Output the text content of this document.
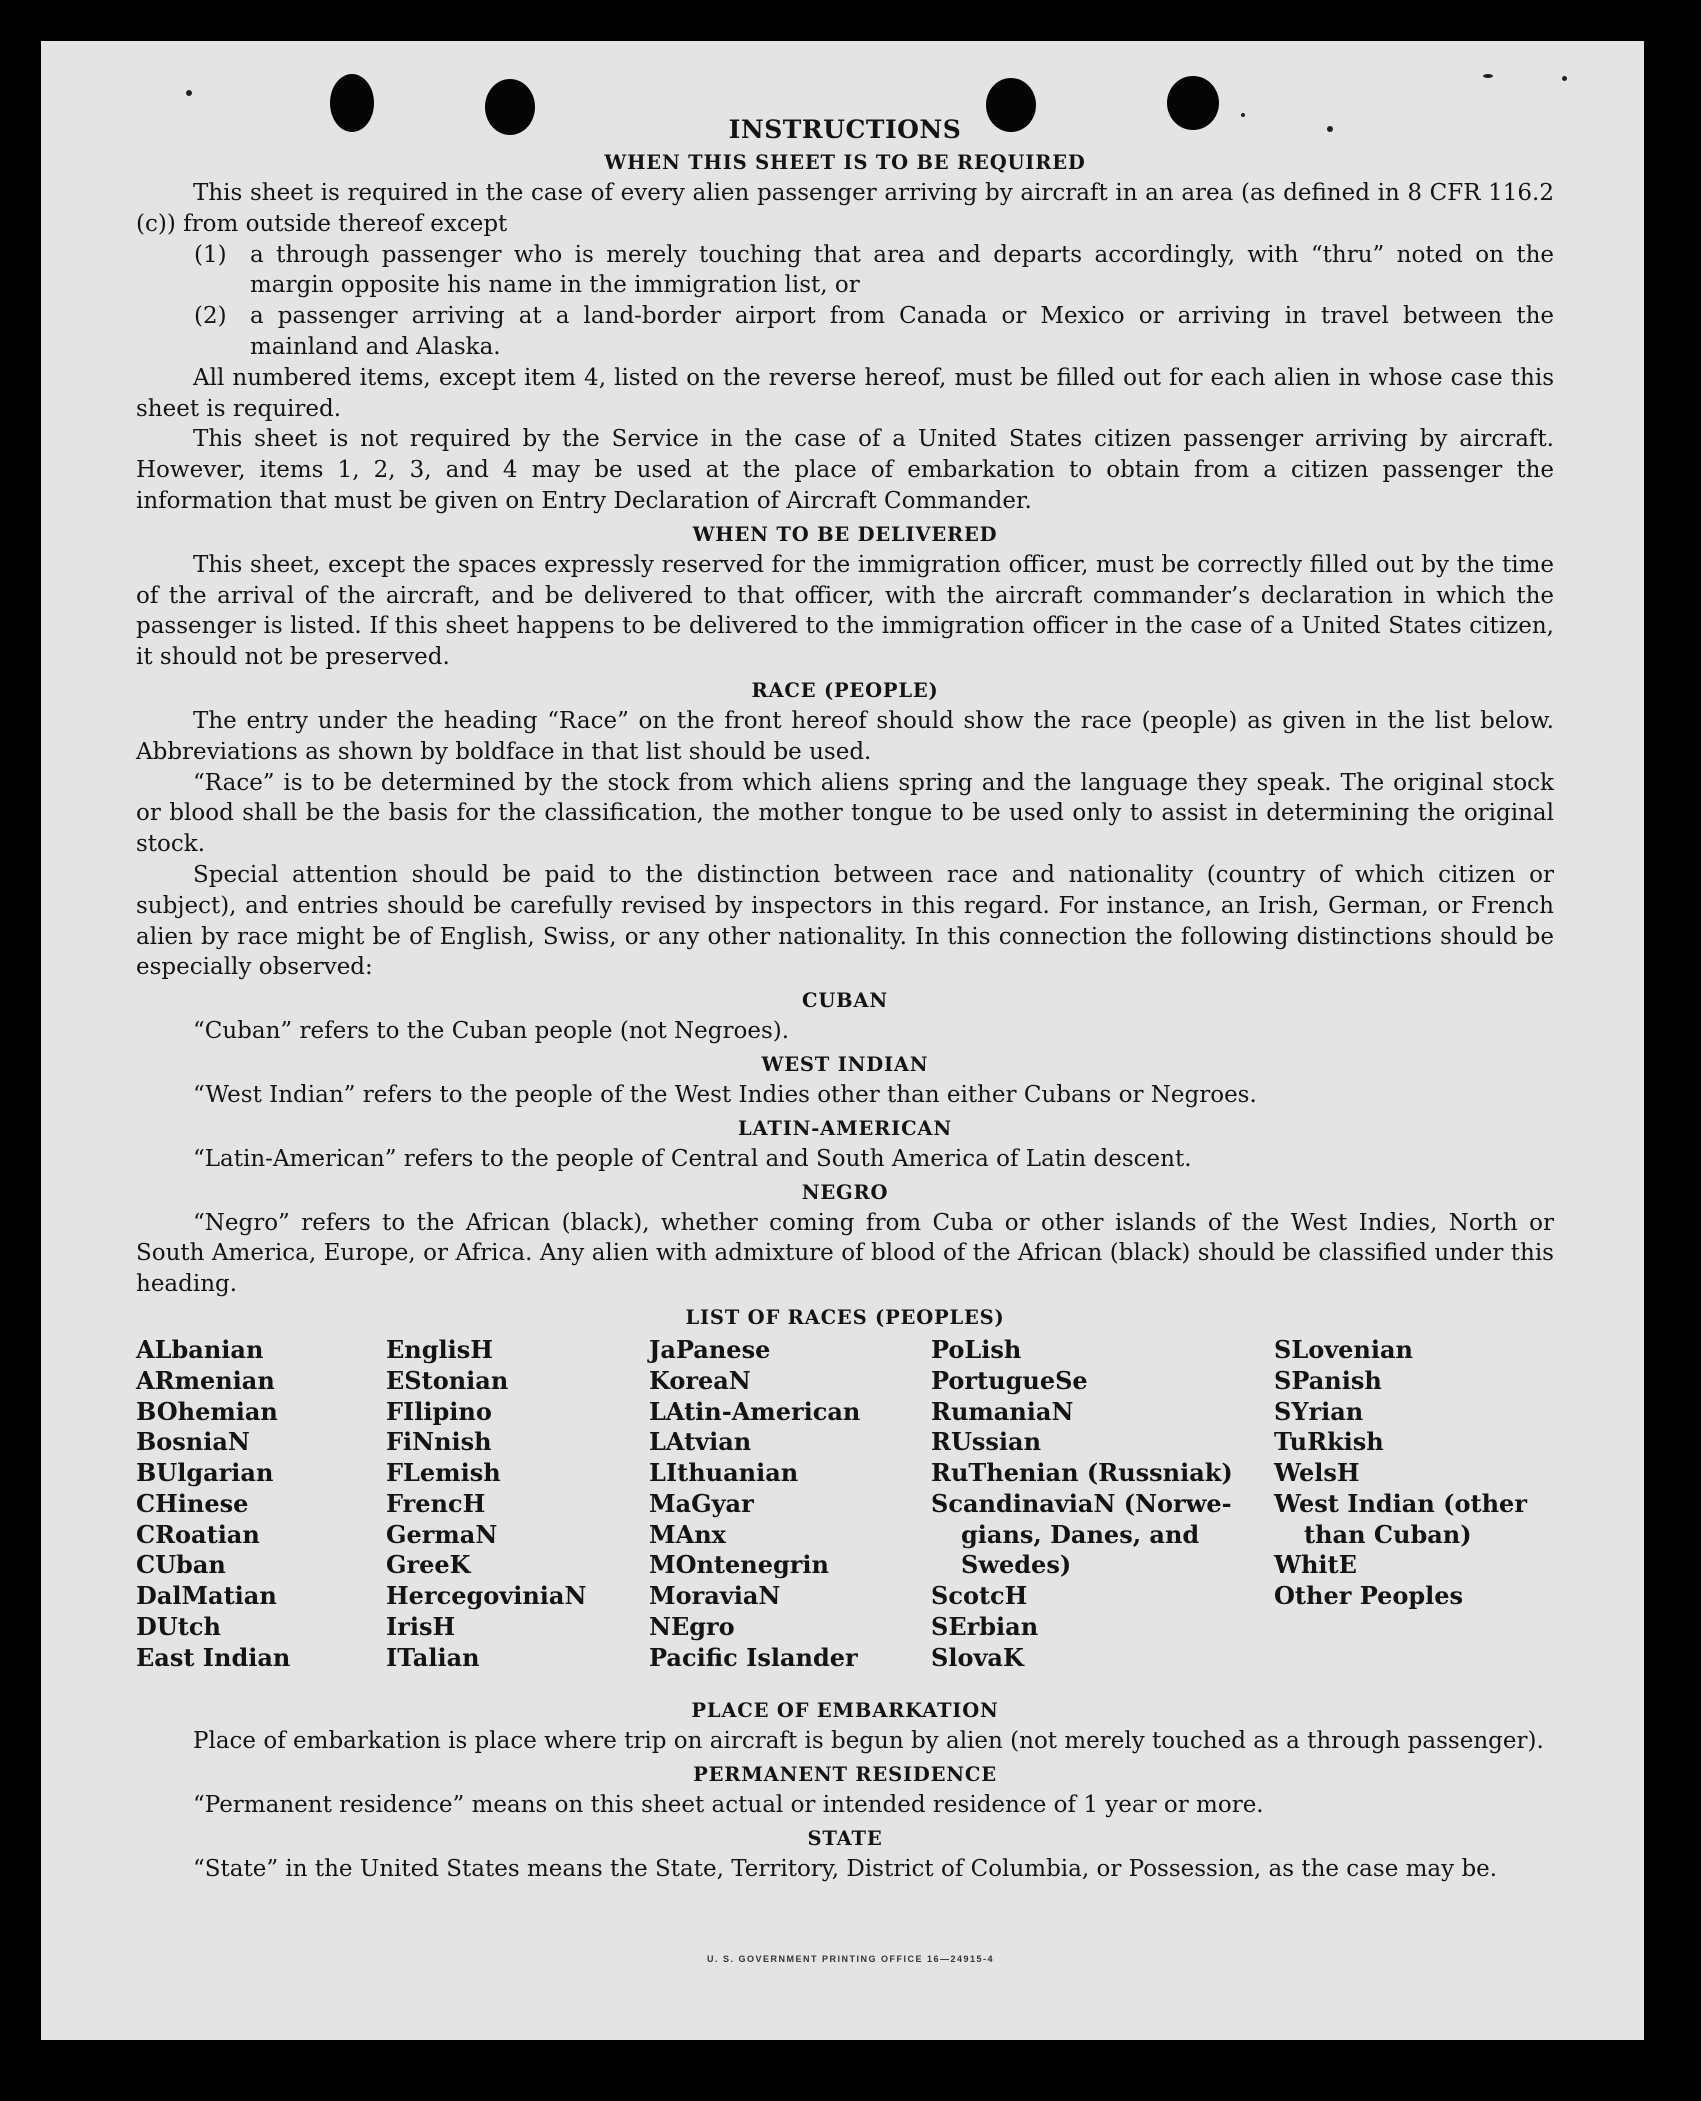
INSTRUCTIONS
WHEN THIS SHEET IS TO BE REQUIRED

This sheet is required in the case of every alien passenger arriving by aircraft in an area (as defined in 8 CFR 116.2 (c)) from outside thereof except

(1)	a through passenger who is merely touching that area and departs accordingly, with “thru” noted on the margin opposite his name in the immigration list, or
(2)	a passenger arriving at a land-border airport from Canada or Mexico or arriving in travel between the mainland and Alaska.

All numbered items, except item 4, listed on the reverse hereof, must be filled out for each alien in whose case this sheet is required.

This sheet is not required by the Service in the case of a United States citizen passenger arriving by aircraft. However, items 1, 2, 3, and 4 may be used at the place of embarkation to obtain from a citizen passenger the information that must be given on Entry Declaration of Aircraft Commander.

WHEN TO BE DELIVERED

This sheet, except the spaces expressly reserved for the immigration officer, must be correctly filled out by the time of the arrival of the aircraft, and be delivered to that officer, with the aircraft commander’s declaration in which the passenger is listed. If this sheet happens to be delivered to the immigration officer in the case of a United States citizen, it should not be preserved.

RACE (PEOPLE)

The entry under the heading “Race” on the front hereof should show the race (people) as given in the list below. Abbreviations as shown by boldface in that list should be used.

“Race” is to be determined by the stock from which aliens spring and the language they speak. The original stock or blood shall be the basis for the classification, the mother tongue to be used only to assist in determining the original stock.

Special attention should be paid to the distinction between race and nationality (country of which citizen or subject), and entries should be carefully revised by inspectors in this regard. For instance, an Irish, German, or French alien by race might be of English, Swiss, or any other nationality. In this connection the following distinctions should be especially observed:

CUBAN

“Cuban” refers to the Cuban people (not Negroes).

WEST INDIAN

“West Indian” refers to the people of the West Indies other than either Cubans or Negroes.

LATIN-AMERICAN

“Latin-American” refers to the people of Central and South America of Latin descent.

NEGRO

“Negro” refers to the African (black), whether coming from Cuba or other islands of the West Indies, North or South America, Europe, or Africa. Any alien with admixture of blood of the African (black) should be classified under this heading.

LIST OF RACES (PEOPLES)
ALbanian
ARmenian
BOhemian
BosniaN
BUlgarian
CHinese
CRoatian
CUban
DalMatian
DUtch
East Indian
EnglisH
EStonian
FIlipino
FiNnish
FLemish
FrencH
GermaN
GreeK
HercegoviniaN
IrisH
ITalian
JaPanese
KoreaN
LAtin-American
LAtvian
LIthuanian
MaGyar
MAnx
MOntenegrin
MoraviaN
NEgro
Pacific Islander
PoLish
PortugueSe
RumaniaN
RUssian
RuThenian (Russniak)
ScandinaviaN (Norwe-
gians, Danes, and
Swedes)
ScotcH
SErbian
SlovaK
SLovenian
SPanish
SYrian
TuRkish
WelsH
West Indian (other
than Cuban)
WhitE
Other Peoples
PLACE OF EMBARKATION

Place of embarkation is place where trip on aircraft is begun by alien (not merely touched as a through passenger).

PERMANENT RESIDENCE

“Permanent residence” means on this sheet actual or intended residence of 1 year or more.

STATE

“State” in the United States means the State, Territory, District of Columbia, or Possession, as the case may be.

U. S. GOVERNMENT PRINTING OFFICE 16—24915-4
